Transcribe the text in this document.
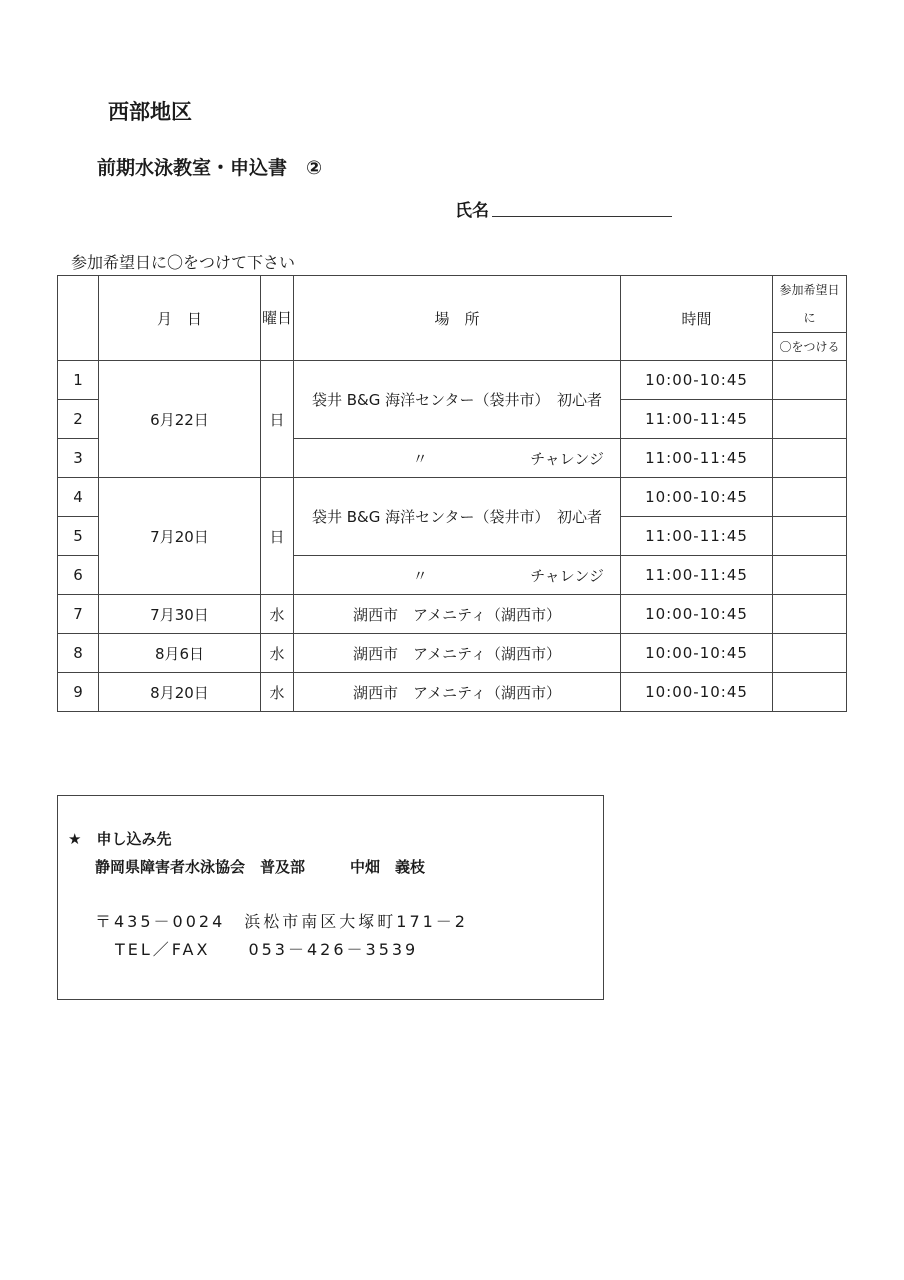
西部地区
前期水泳教室・申込書　②
氏名
参加希望日に〇をつけて下さい
	月　日	曜日	場　所	時間	参加希望日
に
					〇をつける
1	6月22日	日	袋井 B&G 海洋センター（袋井市）　初心者	10:00-10:45	
2				11:00-11:45	
3			〃 チャレンジ	11:00-11:45	
4	7月20日	日	袋井 B&G 海洋センター（袋井市）　初心者	10:00-10:45	
5				11:00-11:45	
6			〃 チャレンジ	11:00-11:45	
7	7月30日	水	湖西市　アメニティ（湖西市）	10:00-10:45	
8	8月6日	水	湖西市　アメニティ（湖西市）	10:00-10:45	
9	8月20日	水	湖西市　アメニティ（湖西市）	10:00-10:45	
★　申し込み先
静岡県障害者水泳協会　普及部　　　中畑　義枝
〒435－0024　浜松市南区大塚町171－2
TEL／FAX　　053－426－3539
